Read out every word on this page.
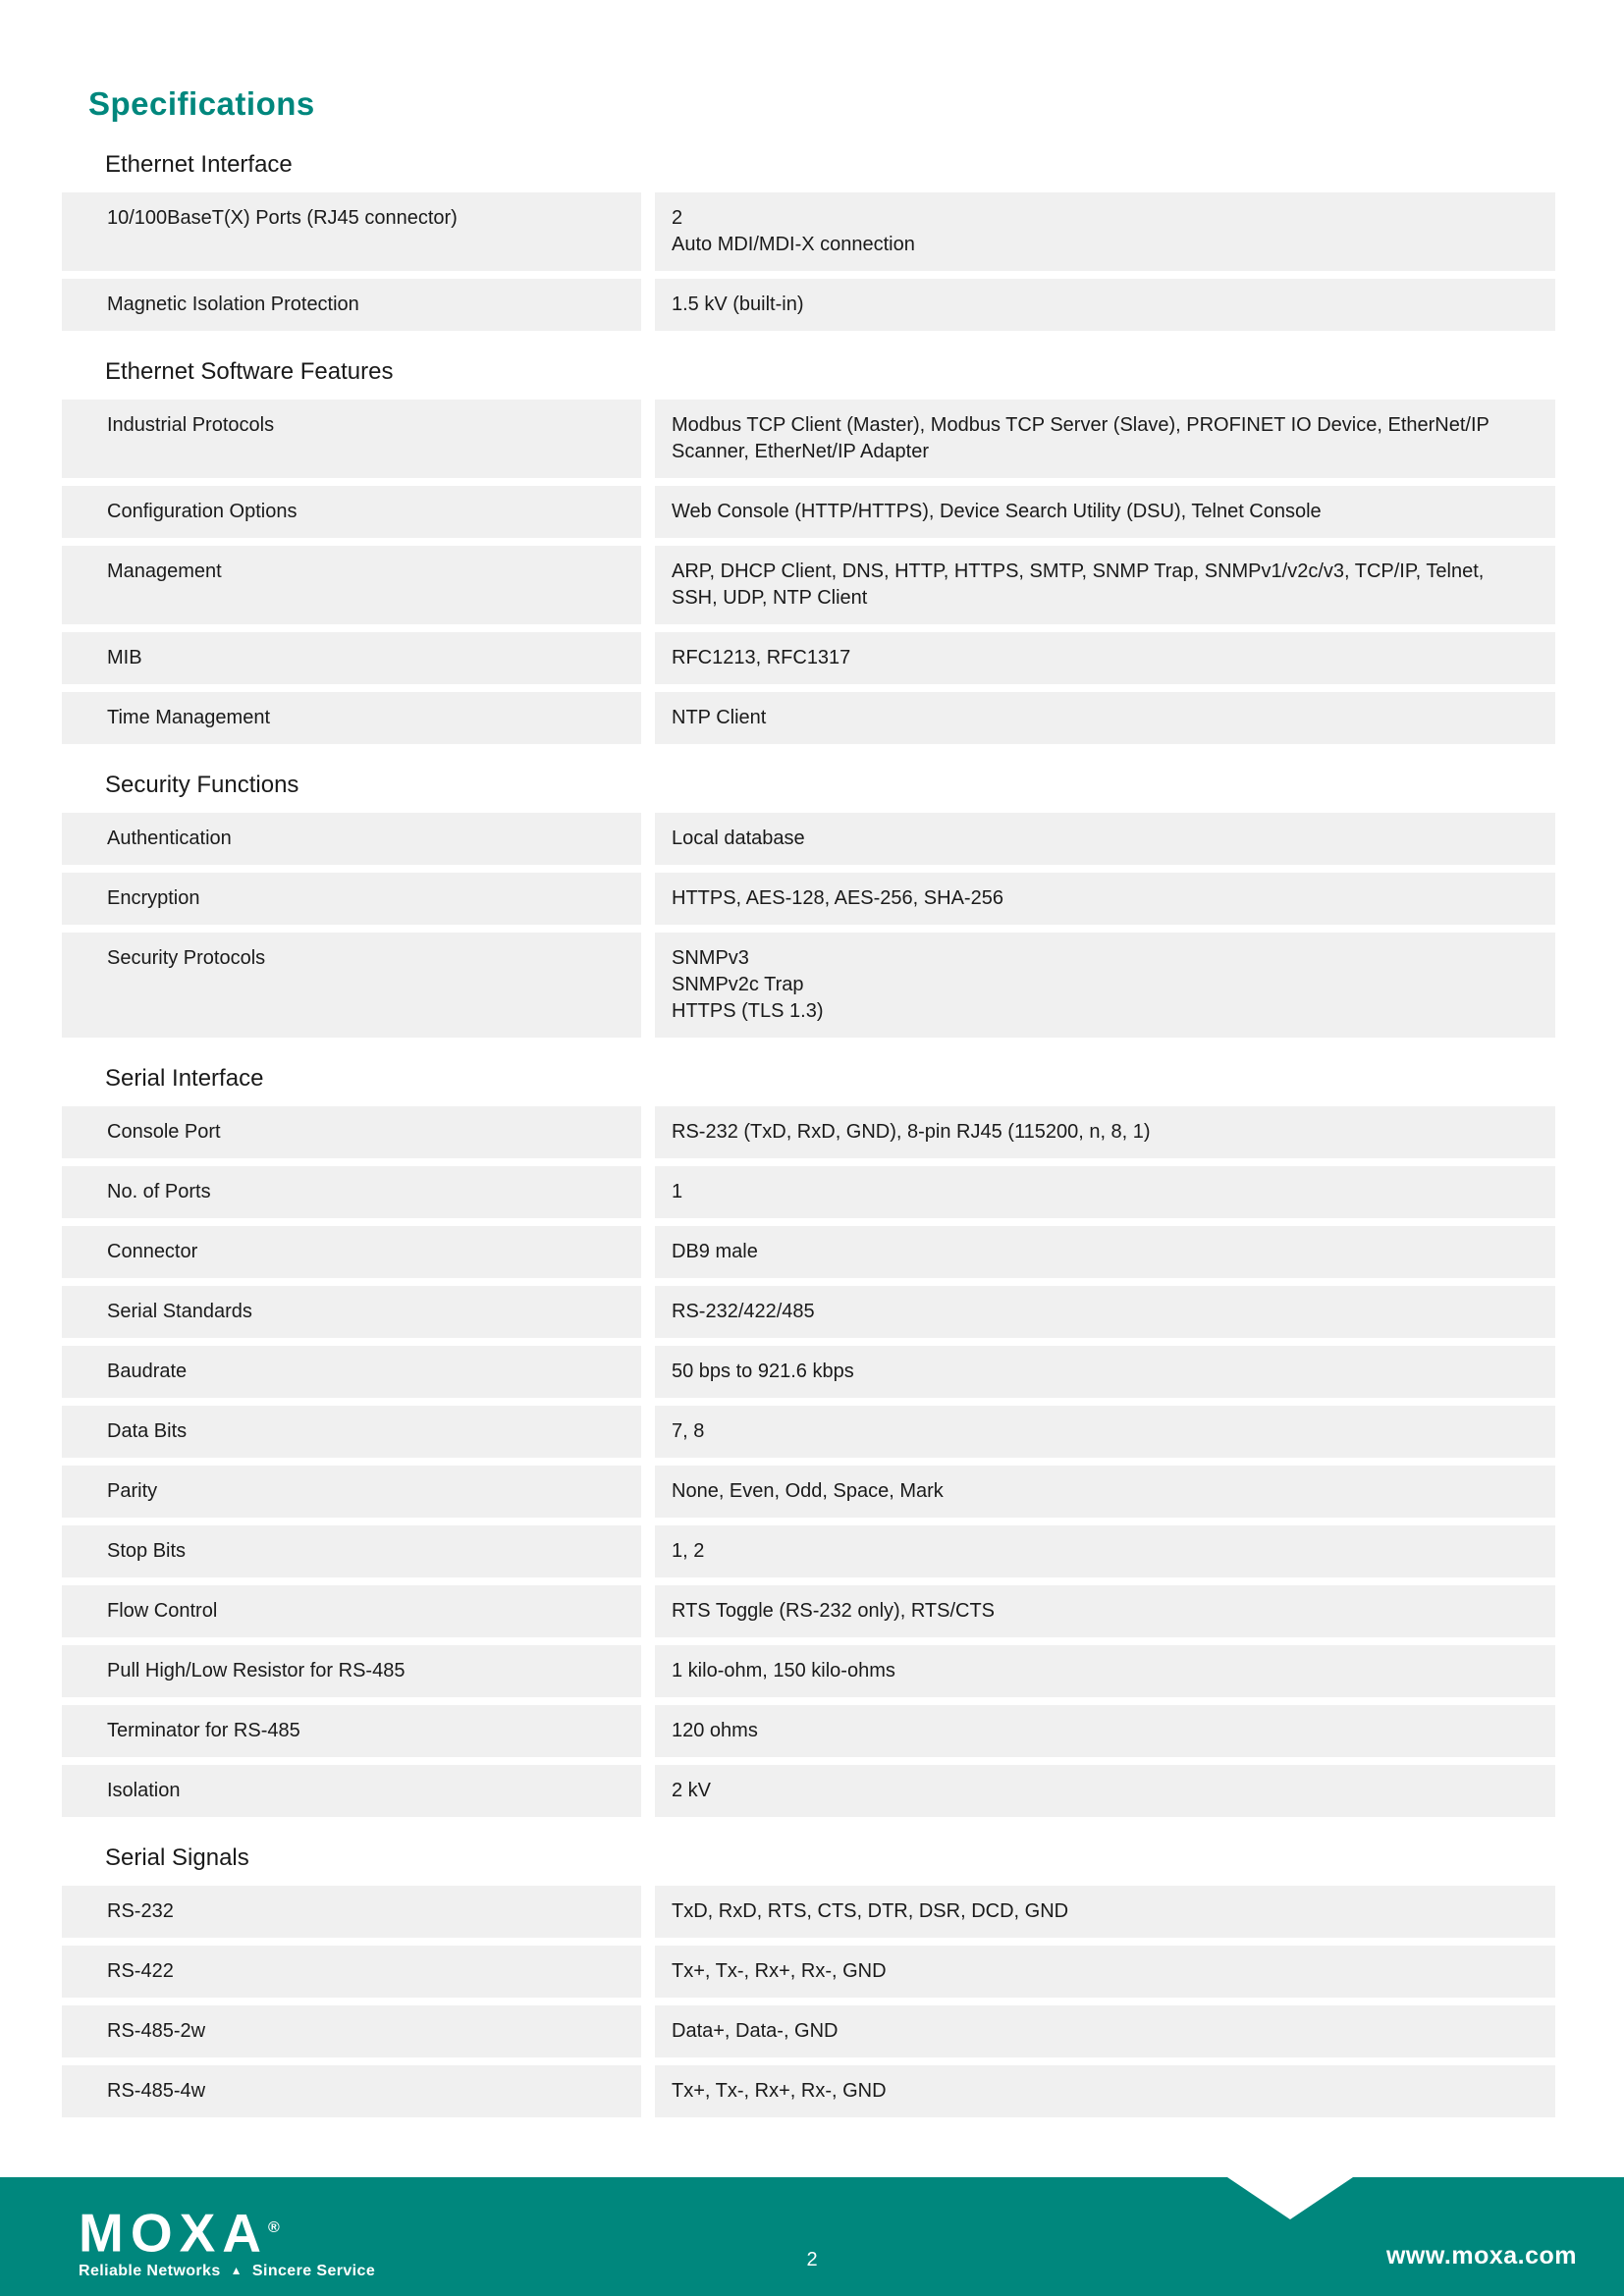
Specifications
Ethernet Interface
10/100BaseT(X) Ports (RJ45 connector)	2
Auto MDI/MDI-X connection
Magnetic Isolation Protection	1.5 kV (built-in)
Ethernet Software Features
Industrial Protocols	Modbus TCP Client (Master), Modbus TCP Server (Slave), PROFINET IO Device, EtherNet/IP Scanner, EtherNet/IP Adapter
Configuration Options	Web Console (HTTP/HTTPS), Device Search Utility (DSU), Telnet Console
Management	ARP, DHCP Client, DNS, HTTP, HTTPS, SMTP, SNMP Trap, SNMPv1/v2c/v3, TCP/IP, Telnet, SSH, UDP, NTP Client
MIB	RFC1213, RFC1317
Time Management	NTP Client
Security Functions
Authentication	Local database
Encryption	HTTPS, AES-128, AES-256, SHA-256
Security Protocols	SNMPv3
SNMPv2c Trap
HTTPS (TLS 1.3)
Serial Interface
Console Port	RS-232 (TxD, RxD, GND), 8-pin RJ45 (115200, n, 8, 1)
No. of Ports	1
Connector	DB9 male
Serial Standards	RS-232/422/485
Baudrate	50 bps to 921.6 kbps
Data Bits	7, 8
Parity	None, Even, Odd, Space, Mark
Stop Bits	1, 2
Flow Control	RTS Toggle (RS-232 only), RTS/CTS
Pull High/Low Resistor for RS-485	1 kilo-ohm, 150 kilo-ohms
Terminator for RS-485	120 ohms
Isolation	2 kV
Serial Signals
RS-232	TxD, RxD, RTS, CTS, DTR, DSR, DCD, GND
RS-422	Tx+, Tx-, Rx+, Rx-, GND
RS-485-2w	Data+, Data-, GND
RS-485-4w	Tx+, Tx-, Rx+, Rx-, GND
MOXA®
Reliable Networks ▲ Sincere Service
2	www.moxa.com
